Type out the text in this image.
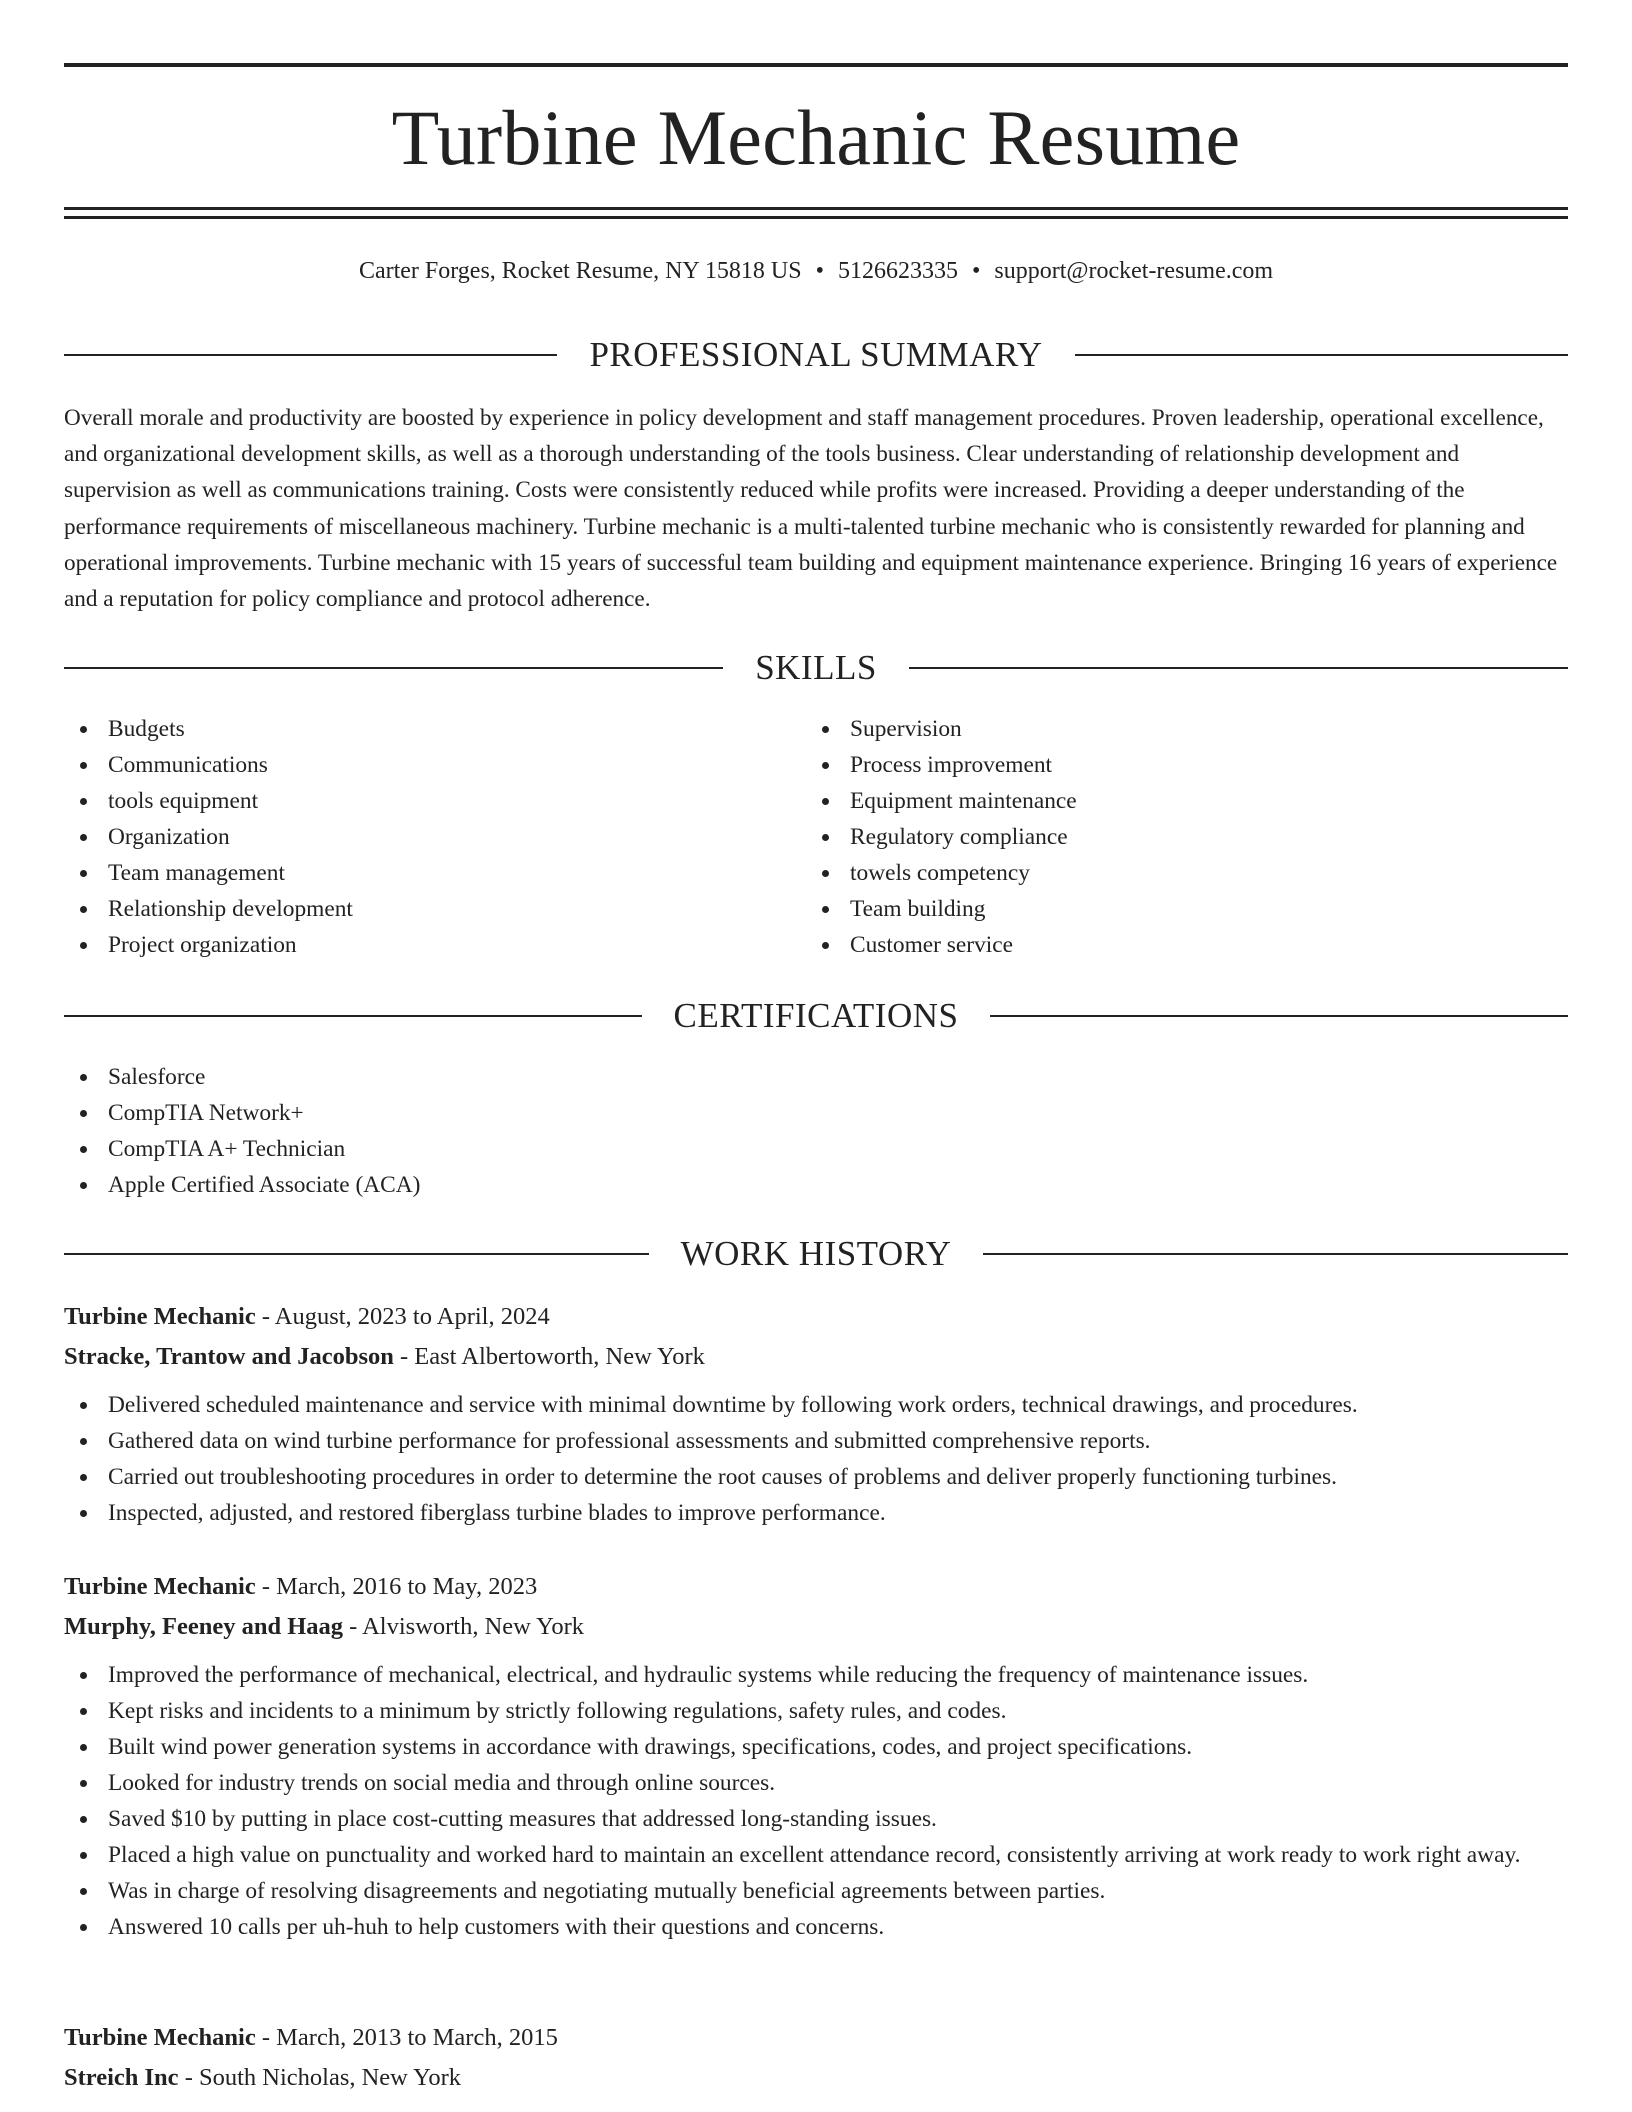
Turbine Mechanic Resume
Carter Forges, Rocket Resume, NY 15818 US • 5126623335 • support@rocket-resume.com
PROFESSIONAL SUMMARY

Overall morale and productivity are boosted by experience in policy development and staff management procedures. Proven leadership, operational excellence, and organizational development skills, as well as a thorough understanding of the tools business. Clear understanding of relationship development and supervision as well as communications training. Costs were consistently reduced while profits were increased. Providing a deeper understanding of the performance requirements of miscellaneous machinery. Turbine mechanic is a multi-talented turbine mechanic who is consistently rewarded for planning and operational improvements. Turbine mechanic with 15 years of successful team building and equipment maintenance experience. Bringing 16 years of experience and a reputation for policy compliance and protocol adherence.

SKILLS
Budgets
Communications
tools equipment
Organization
Team management
Relationship development
Project organization
Supervision
Process improvement
Equipment maintenance
Regulatory compliance
towels competency
Team building
Customer service
CERTIFICATIONS
Salesforce
CompTIA Network+
CompTIA A+ Technician
Apple Certified Associate (ACA)
WORK HISTORY
Turbine Mechanic - August, 2023 to April, 2024
Stracke, Trantow and Jacobson - East Albertoworth, New York
Delivered scheduled maintenance and service with minimal downtime by following work orders, technical drawings, and procedures.
Gathered data on wind turbine performance for professional assessments and submitted comprehensive reports.
Carried out troubleshooting procedures in order to determine the root causes of problems and deliver properly functioning turbines.
Inspected, adjusted, and restored fiberglass turbine blades to improve performance.
Turbine Mechanic - March, 2016 to May, 2023
Murphy, Feeney and Haag - Alvisworth, New York
Improved the performance of mechanical, electrical, and hydraulic systems while reducing the frequency of maintenance issues.
Kept risks and incidents to a minimum by strictly following regulations, safety rules, and codes.
Built wind power generation systems in accordance with drawings, specifications, codes, and project specifications.
Looked for industry trends on social media and through online sources.
Saved $10 by putting in place cost-cutting measures that addressed long-standing issues.
Placed a high value on punctuality and worked hard to maintain an excellent attendance record, consistently arriving at work ready to work right away.
Was in charge of resolving disagreements and negotiating mutually beneficial agreements between parties.
Answered 10 calls per uh-huh to help customers with their questions and concerns.
Turbine Mechanic - March, 2013 to March, 2015
Streich Inc - South Nicholas, New York
